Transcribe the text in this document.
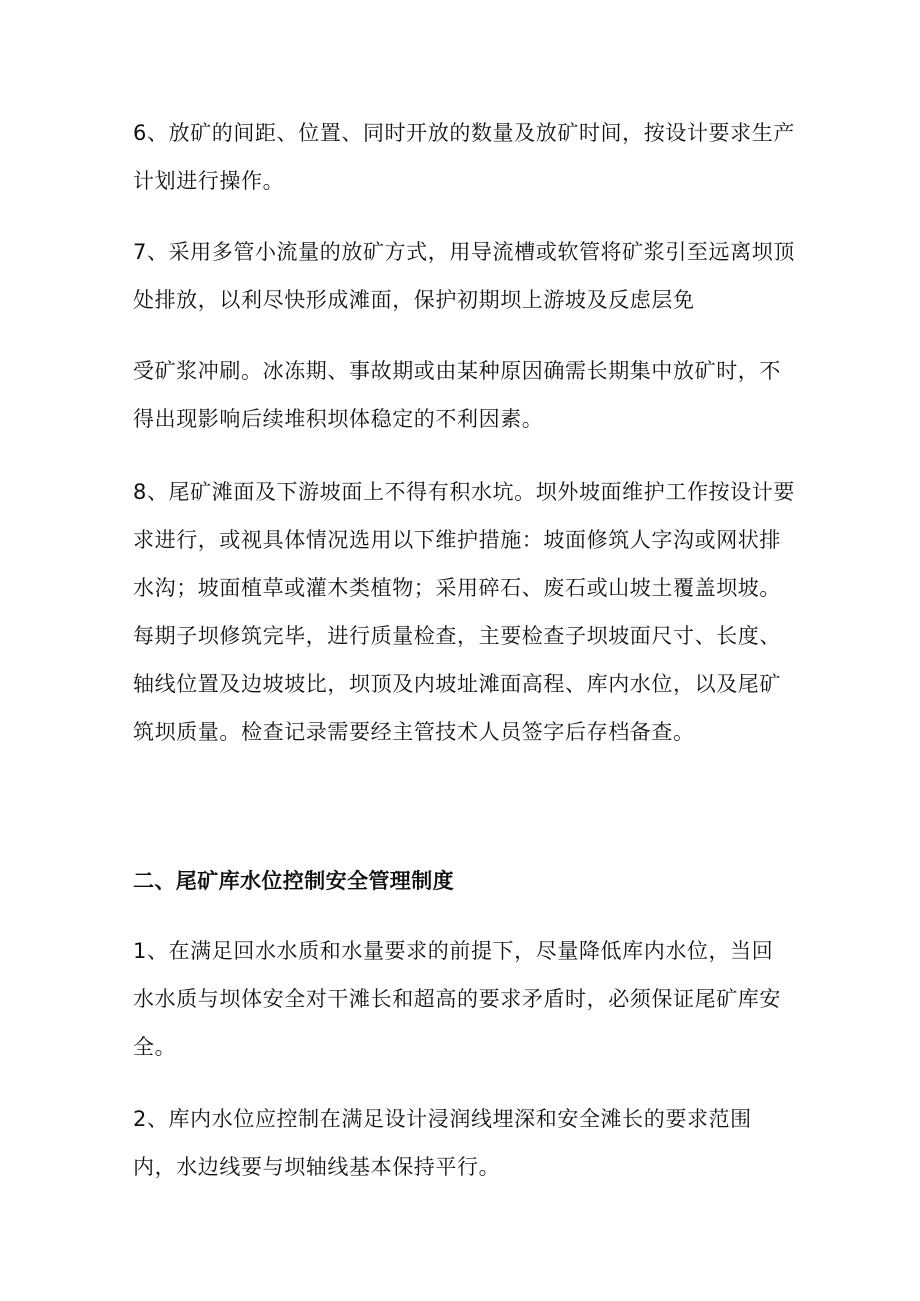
6、放矿的间距、位置、同时开放的数量及放矿时间，按设计要求生产

计划进行操作。

7、采用多管小流量的放矿方式，用导流槽或软管将矿浆引至远离坝顶

处排放，以利尽快形成滩面，保护初期坝上游坡及反虑层免

受矿浆冲刷。冰冻期、事故期或由某种原因确需长期集中放矿时，不

得出现影响后续堆积坝体稳定的不利因素。

8、尾矿滩面及下游坡面上不得有积水坑。坝外坡面维护工作按设计要

求进行，或视具体情况选用以下维护措施：坡面修筑人字沟或网状排

水沟；坡面植草或灌木类植物；采用碎石、废石或山坡土覆盖坝坡。

每期子坝修筑完毕，进行质量检查，主要检查子坝坡面尺寸、长度、

轴线位置及边坡坡比，坝顶及内坡址滩面高程、库内水位，以及尾矿

筑坝质量。检查记录需要经主管技术人员签字后存档备查。

二、尾矿库水位控制安全管理制度

1、在满足回水水质和水量要求的前提下，尽量降低库内水位，当回

水水质与坝体安全对干滩长和超高的要求矛盾时，必须保证尾矿库安

全。

2、库内水位应控制在满足设计浸润线埋深和安全滩长的要求范围

内，水边线要与坝轴线基本保持平行。
